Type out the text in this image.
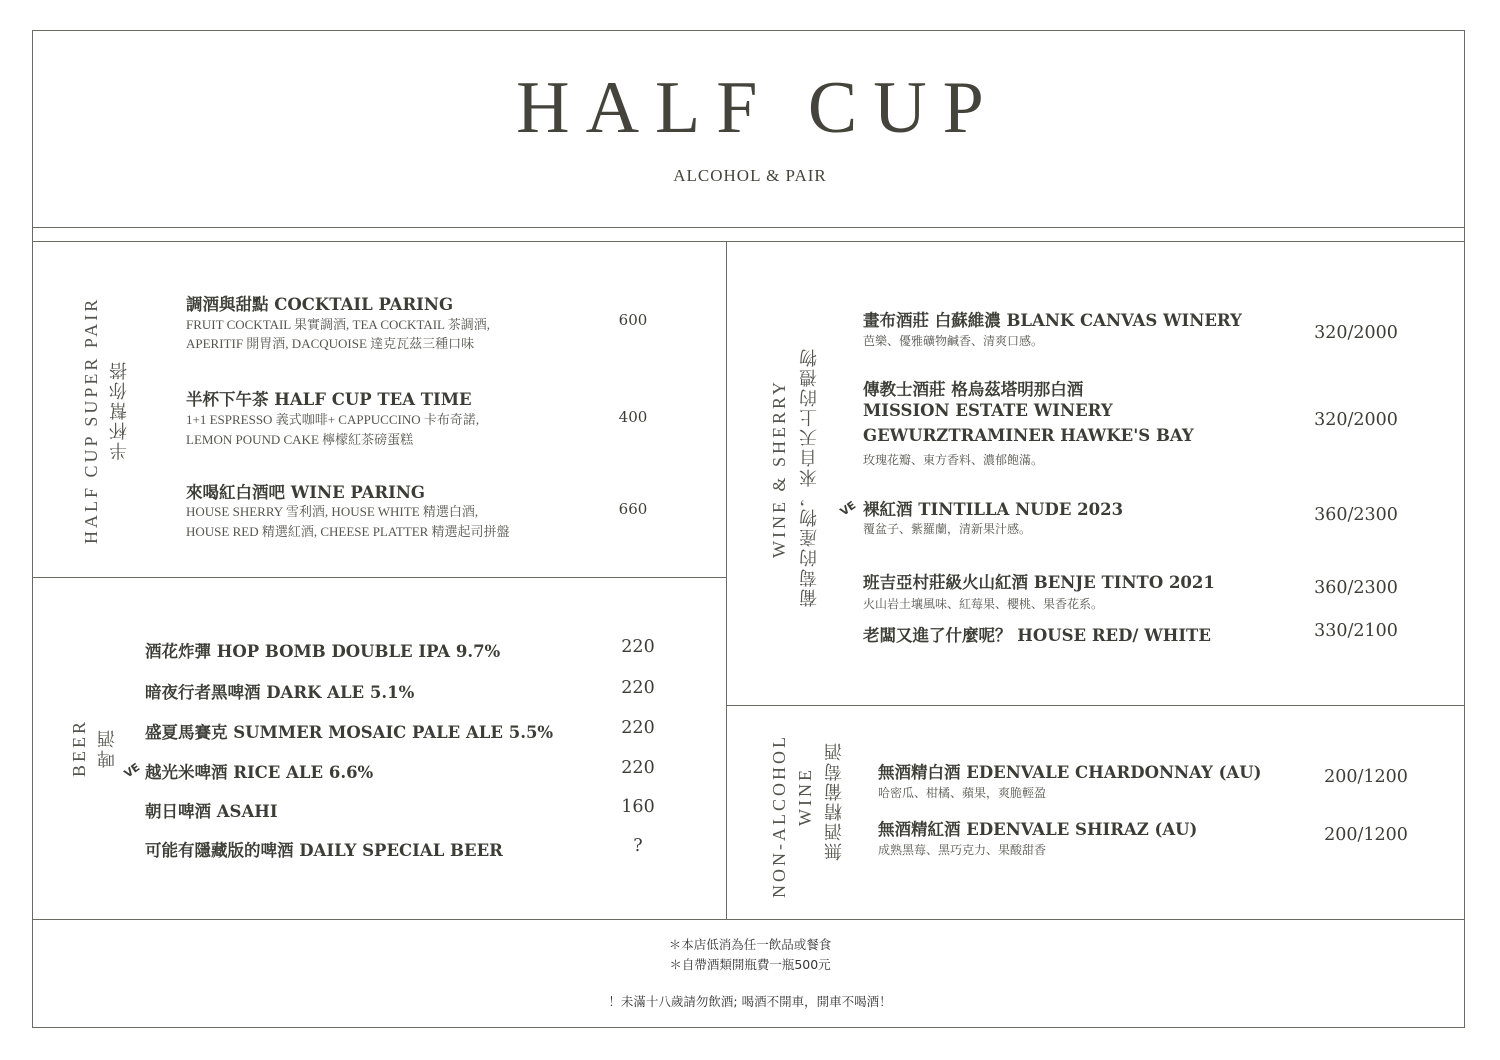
HALF CUP
ALCOHOL & PAIR
HALF CUP SUPER PAIR 半杯幫你搭
調酒與甜點 COCKTAIL PARING
FRUIT COCKTAIL 果實調酒, TEA COCKTAIL 茶調酒,
APERITIF 開胃酒, DACQUOISE 達克瓦茲三種口味
600
半杯下午茶 HALF CUP TEA TIME
1+1 ESPRESSO 義式咖啡+ CAPPUCCINO 卡布奇諾,
LEMON POUND CAKE 檸檬紅茶磅蛋糕
400
來喝紅白酒吧 WINE PARING
HOUSE SHERRY 雪利酒, HOUSE WHITE 精選白酒,
HOUSE RED 精選紅酒, CHEESE PLATTER 精選起司拼盤
660
BEER 啤酒
VE
酒花炸彈 HOP BOMB DOUBLE IPA 9.7%	220
暗夜行者黑啤酒 DARK ALE 5.1%	220
盛夏馬賽克 SUMMER MOSAIC PALE ALE 5.5%	220
越光米啤酒 RICE ALE 6.6%	220
朝日啤酒 ASAHI	160
可能有隱藏版的啤酒 DAILY SPECIAL BEER	?
WINE & SHERRY 葡萄的產物，來自天上的禮物 VE
畫布酒莊 白蘇維濃 BLANK CANVAS WINERY
芭樂、優雅礦物鹹香、清爽口感。	320/2000
傳教士酒莊 格烏茲塔明那白酒
MISSION ESTATE WINERY
GEWURZTRAMINER HAWKE'S BAY
玫瑰花瓣、東方香料、濃郁飽滿。
320/2000
裸紅酒 TINTILLA NUDE 2023
覆盆子、紫羅蘭，清新果汁感。
360/2300
班吉亞村莊級火山紅酒 BENJE TINTO 2021
火山岩土壤風味、紅莓果、櫻桃、果香花系。
360/2300
老闆又進了什麼呢？ HOUSE RED/ WHITE	330/2100
NON-ALCOHOL WINE 無酒精葡萄酒 無酒精白酒 EDENVALE CHARDONNAY (AU)
哈密瓜、柑橘、蘋果，爽脆輕盈
200/1200
無酒精紅酒 EDENVALE SHIRAZ (AU)
成熟黑莓、黑巧克力、果酸甜香
200/1200
＊本店低消為任一飲品或餐食
＊自帶酒類開瓶費一瓶500元
！未滿十八歲請勿飲酒; 喝酒不開車，開車不喝酒！
